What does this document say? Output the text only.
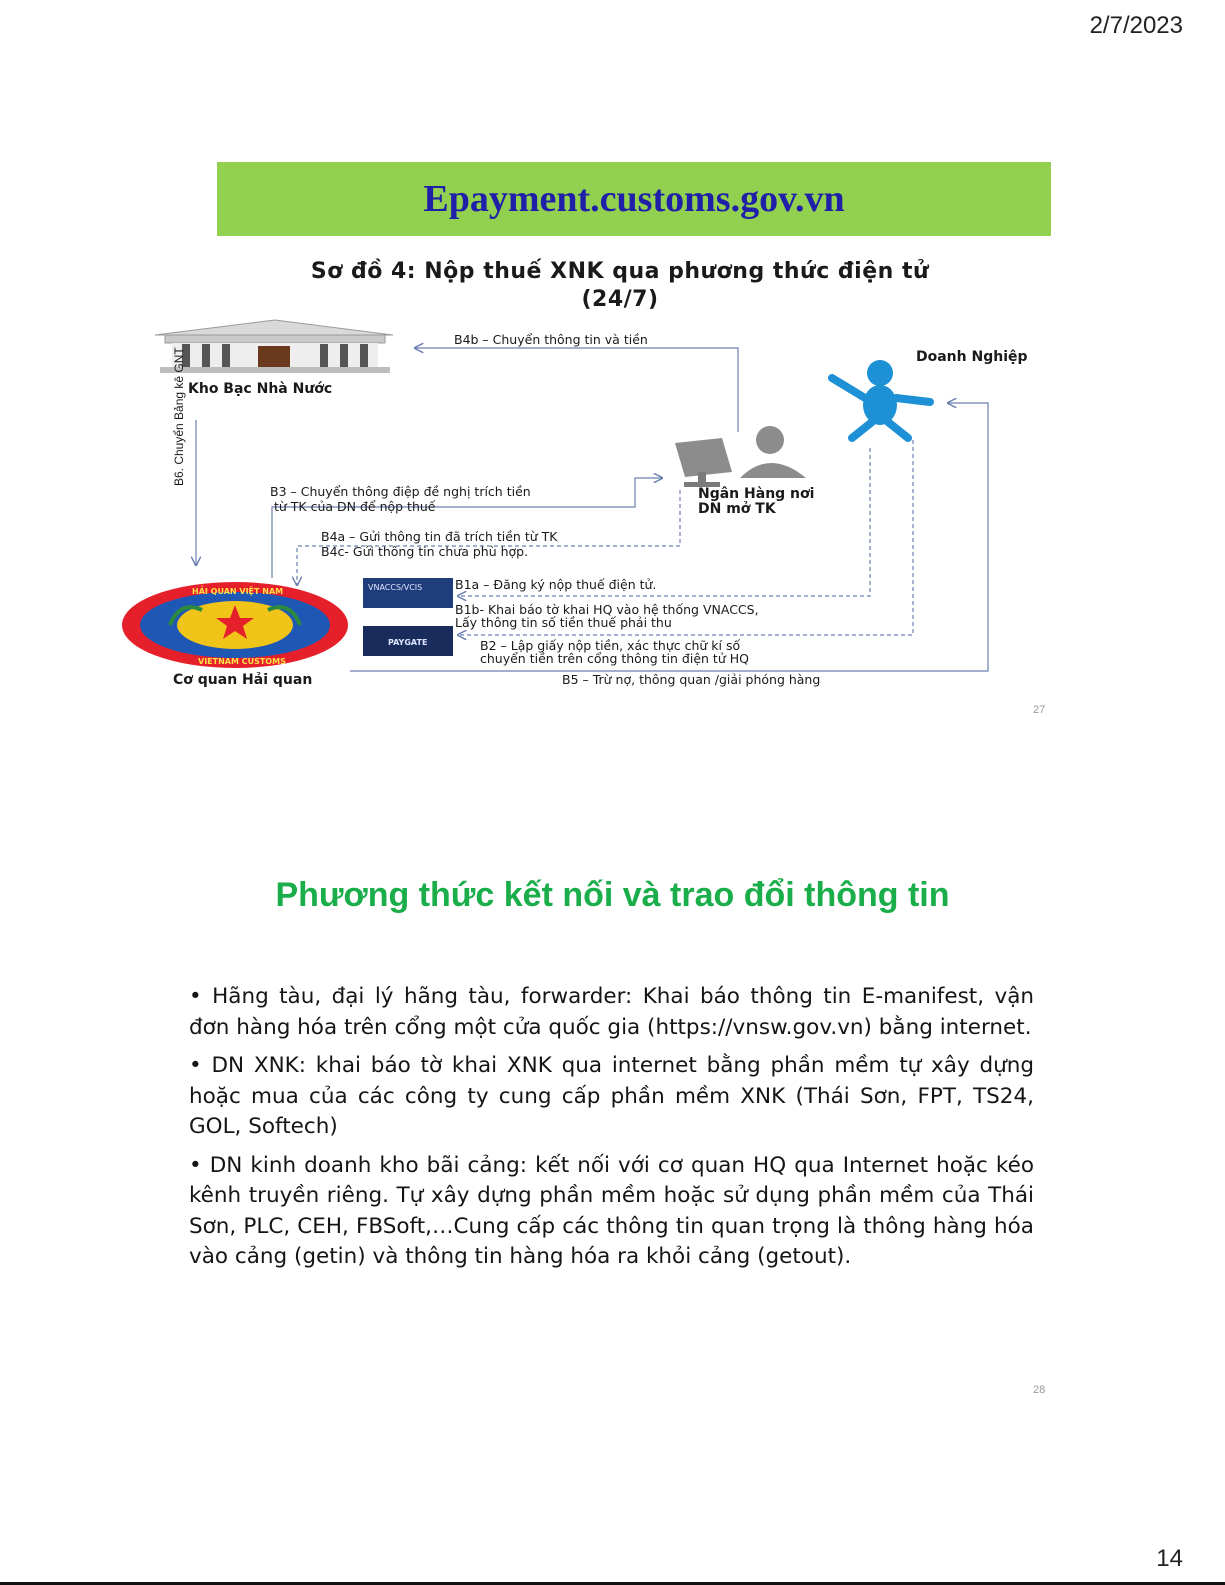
2/7/2023
Epayment.customs.gov.vn
Sơ đồ 4: Nộp thuế XNK qua phương thức điện tử
(24/7)
Kho Bạc Nhà Nước
Doanh Nghiệp
Ngân Hàng nơi
DN mở TK
Cơ quan Hải quan
VNACCS/VCIS
PAYGATE
HẢI QUAN VIỆT NAM
VIETNAM CUSTOMS
B4b – Chuyển thông tin và tiền
B6. Chuyển Bảng kê GNT
B3 – Chuyển thông điệp đề nghị trích tiền
từ TK của DN để nộp thuế
B4a – Gửi thông tin đã trích tiền từ TK
B4c- Gửi thông tin chưa phù hợp.
B1a – Đăng ký nộp thuế điện tử.
B1b- Khai báo tờ khai HQ vào hệ thống VNACCS,
Lấy thông tin số tiền thuế phải thu
B2 – Lập giấy nộp tiền, xác thực chữ kí số
chuyển tiền trên cổng thông tin điện tử HQ
B5 – Trừ nợ, thông quan /giải phóng hàng
27
Phương thức kết nối và trao đổi thông tin
• Hãng tàu, đại lý hãng tàu, forwarder: Khai báo thông tin E-manifest, vận đơn hàng hóa trên cổng một cửa quốc gia (https://vnsw.gov.vn) bằng internet.
• DN XNK: khai báo tờ khai XNK qua internet bằng phần mềm tự xây dựng hoặc mua của các công ty cung cấp phần mềm XNK (Thái Sơn, FPT, TS24, GOL, Softech)
• DN kinh doanh kho bãi cảng: kết nối với cơ quan HQ qua Internet hoặc kéo kênh truyền riêng. Tự xây dựng phần mềm hoặc sử dụng phần mềm của Thái Sơn, PLC, CEH, FBSoft,…Cung cấp các thông tin quan trọng là thông hàng hóa vào cảng (getin) và thông tin hàng hóa ra khỏi cảng (getout).
28
14
